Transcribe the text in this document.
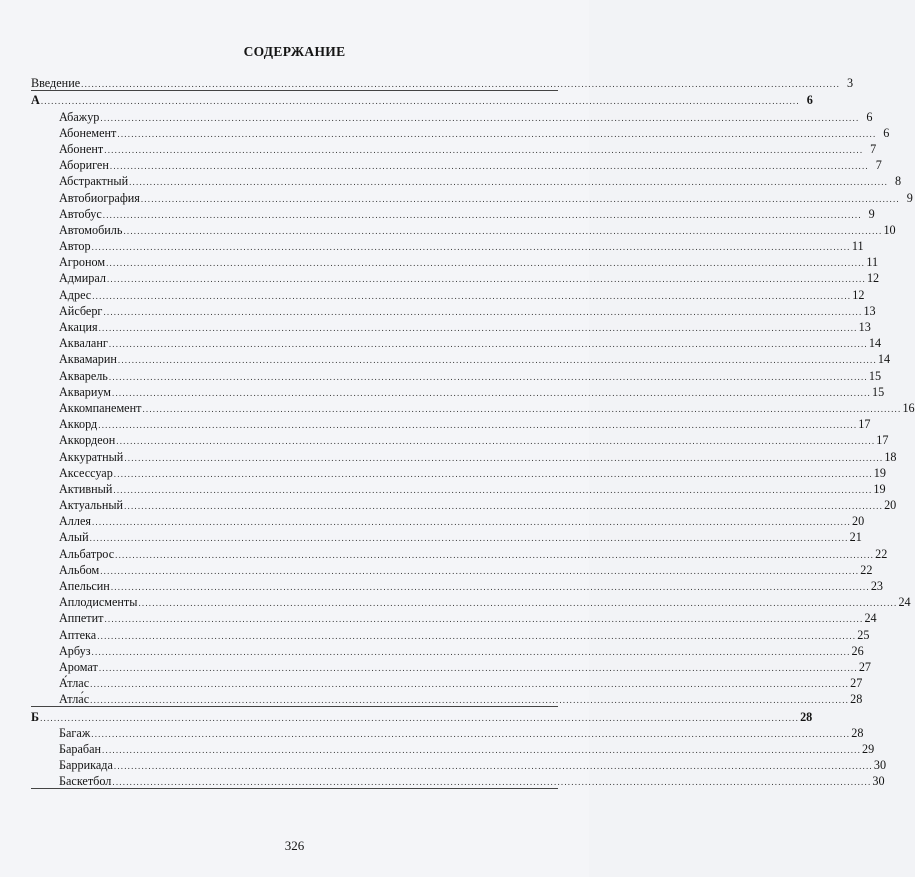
СОДЕРЖАНИЕ
Введение ............................................................................................................................................................................................................................ 3
А ............................................................................................................................................................................................................................ 6
Абажур ............................................................................................................................................................................................................................ 6
Абонемент ............................................................................................................................................................................................................................ 6
Абонент ............................................................................................................................................................................................................................ 7
Абориген ............................................................................................................................................................................................................................ 7
Абстрактный ............................................................................................................................................................................................................................ 8
Автобиография ............................................................................................................................................................................................................................ 9
Автобус ............................................................................................................................................................................................................................ 9
Автомобиль ............................................................................................................................................................................................................................ 10
Автор ............................................................................................................................................................................................................................ 11
Агроном ............................................................................................................................................................................................................................ 11
Адмирал ............................................................................................................................................................................................................................ 12
Адрес ............................................................................................................................................................................................................................ 12
Айсберг ............................................................................................................................................................................................................................ 13
Акация ............................................................................................................................................................................................................................ 13
Акваланг ............................................................................................................................................................................................................................ 14
Аквамарин ............................................................................................................................................................................................................................ 14
Акварель ............................................................................................................................................................................................................................ 15
Аквариум ............................................................................................................................................................................................................................ 15
Аккомпанемент ............................................................................................................................................................................................................................ 16
Аккорд ............................................................................................................................................................................................................................ 17
Аккордеон ............................................................................................................................................................................................................................ 17
Аккуратный ............................................................................................................................................................................................................................ 18
Аксессуар ............................................................................................................................................................................................................................ 19
Активный ............................................................................................................................................................................................................................ 19
Актуальный ............................................................................................................................................................................................................................ 20
Аллея ............................................................................................................................................................................................................................ 20
Алый ............................................................................................................................................................................................................................ 21
Альбатрос ............................................................................................................................................................................................................................ 22
Альбом ............................................................................................................................................................................................................................ 22
Апельсин ............................................................................................................................................................................................................................ 23
Аплодисменты ............................................................................................................................................................................................................................ 24
Аппетит ............................................................................................................................................................................................................................ 24
Аптека ............................................................................................................................................................................................................................ 25
Арбуз ............................................................................................................................................................................................................................ 26
Аромат ............................................................................................................................................................................................................................ 27
А́тлас ............................................................................................................................................................................................................................ 27
Атла́с ............................................................................................................................................................................................................................ 28
Б ............................................................................................................................................................................................................................ 28
Багаж ............................................................................................................................................................................................................................ 28
Барабан ............................................................................................................................................................................................................................ 29
Баррикада ............................................................................................................................................................................................................................ 30
Баскетбол ............................................................................................................................................................................................................................ 30
326
